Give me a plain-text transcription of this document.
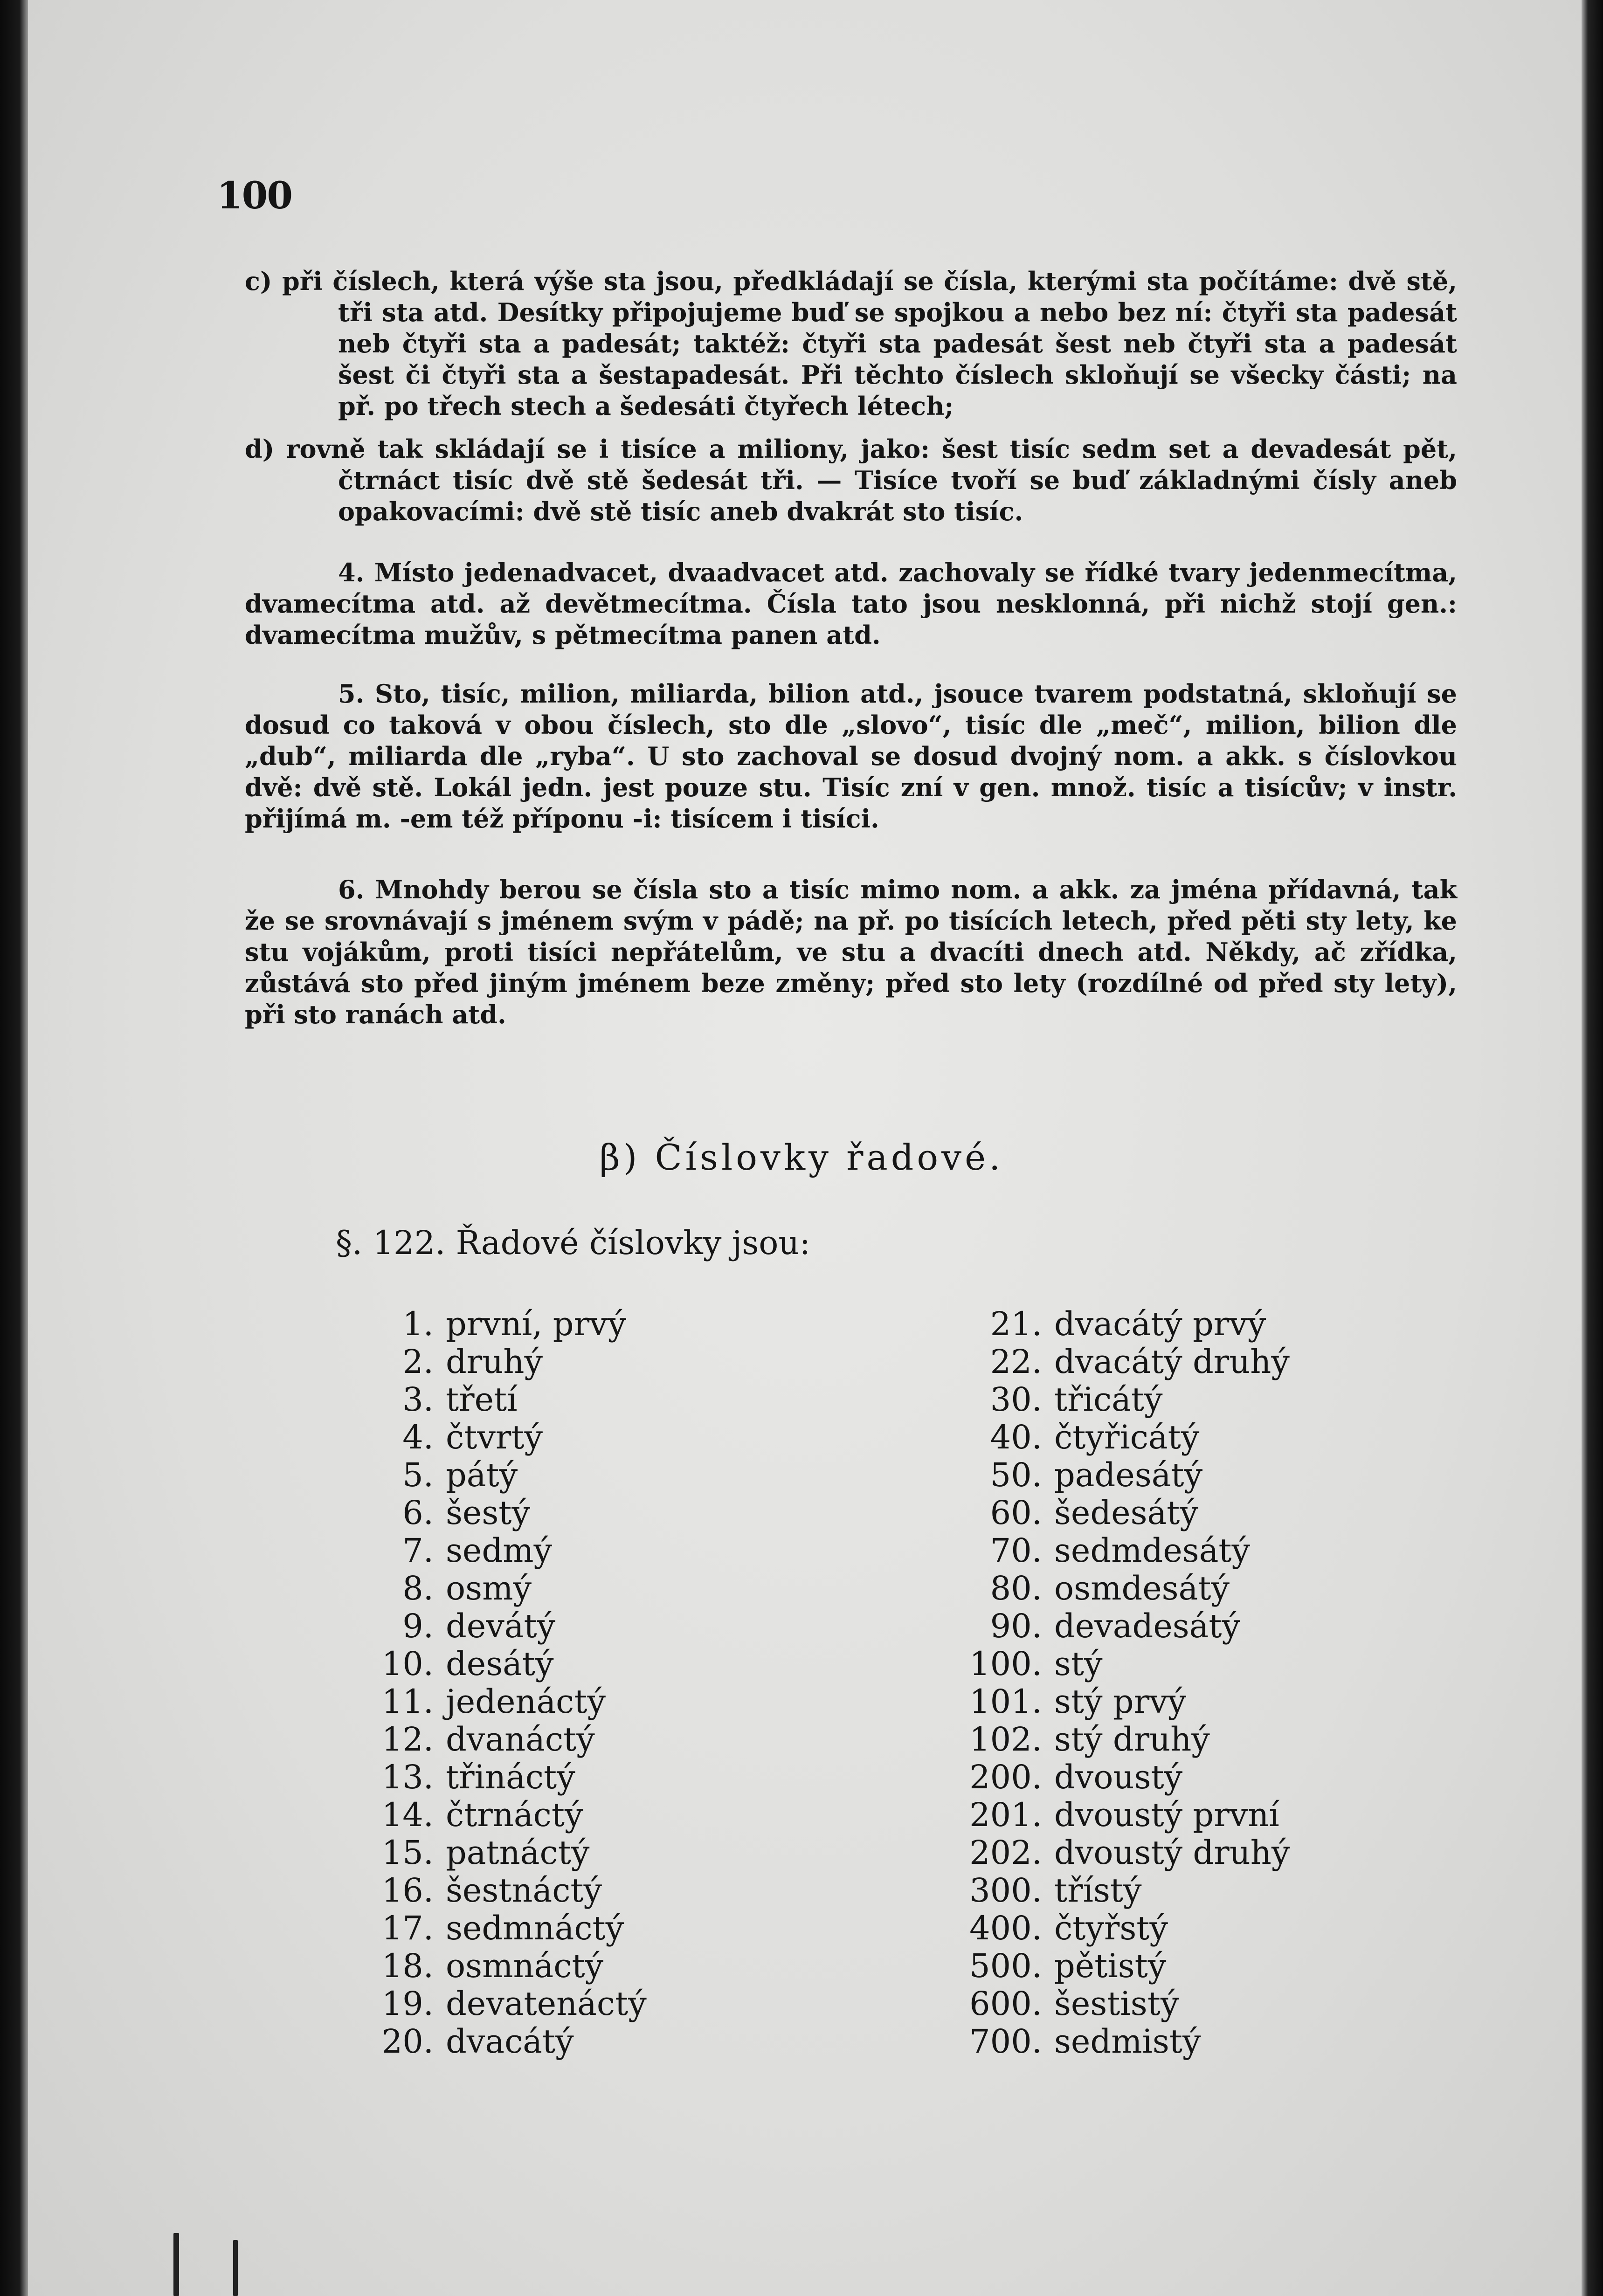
100

c) při číslech, která výše sta jsou, předkládají se čísla, kterými sta počítáme: dvě stě, tři sta atd. Desítky připojujeme buď se spojkou a nebo bez ní: čtyři sta padesát neb čtyři sta a padesát; taktéž: čtyři sta padesát šest neb čtyři sta a padesát šest či čtyři sta a šestapadesát. Při těchto číslech skloňují se všecky části; na př. po třech stech a šedesáti čtyřech létech;

d) rovně tak skládají se i tisíce a miliony, jako: šest tisíc sedm set a devadesát pět, čtrnáct tisíc dvě stě šedesát tři. — Tisíce tvoří se buď základnými čísly aneb opakovacími: dvě stě tisíc aneb dvakrát sto tisíc.

4. Místo jedenadvacet, dvaadvacet atd. zachovaly se řídké tvary jedenmecítma, dvamecítma atd. až devětmecítma. Čísla tato jsou nesklonná, při nichž stojí gen.: dvamecítma mužův, s pětmecítma panen atd.

5. Sto, tisíc, milion, miliarda, bilion atd., jsouce tvarem podstatná, skloňují se dosud co taková v obou číslech, sto dle „slovo“, tisíc dle „meč“, milion, bilion dle „dub“, miliarda dle „ryba“. U sto zachoval se dosud dvojný nom. a akk. s číslovkou dvě: dvě stě. Lokál jedn. jest pouze stu. Tisíc zní v gen. množ. tisíc a tisícův; v instr. přijímá m. -em též příponu -i: tisícem i tisíci.

6. Mnohdy berou se čísla sto a tisíc mimo nom. a akk. za jména přídavná, tak že se srovnávají s jménem svým v pádě; na př. po tisících letech, před pěti sty lety, ke stu vojákům, proti tisíci nepřátelům, ve stu a dvacíti dnech atd. Někdy, ač zřídka, zůstává sto před jiným jménem beze změny; před sto lety (rozdílné od před sty lety), při sto ranách atd.

β) Číslovky řadové.
§. 122. Řadové číslovky jsou:
1. první, prvý
2. druhý
3. třetí
4. čtvrtý
5. pátý
6. šestý
7. sedmý
8. osmý
9. devátý
10. desátý
11. jedenáctý
12. dvanáctý
13. třináctý
14. čtrnáctý
15. patnáctý
16. šestnáctý
17. sedmnáctý
18. osmnáctý
19. devatenáctý
20. dvacátý
21. dvacátý prvý
22. dvacátý druhý
30. třicátý
40. čtyřicátý
50. padesátý
60. šedesátý
70. sedmdesátý
80. osmdesátý
90. devadesátý
100. stý
101. stý prvý
102. stý druhý
200. dvoustý
201. dvoustý první
202. dvoustý druhý
300. třístý
400. čtyřstý
500. pětistý
600. šestistý
700. sedmistý
